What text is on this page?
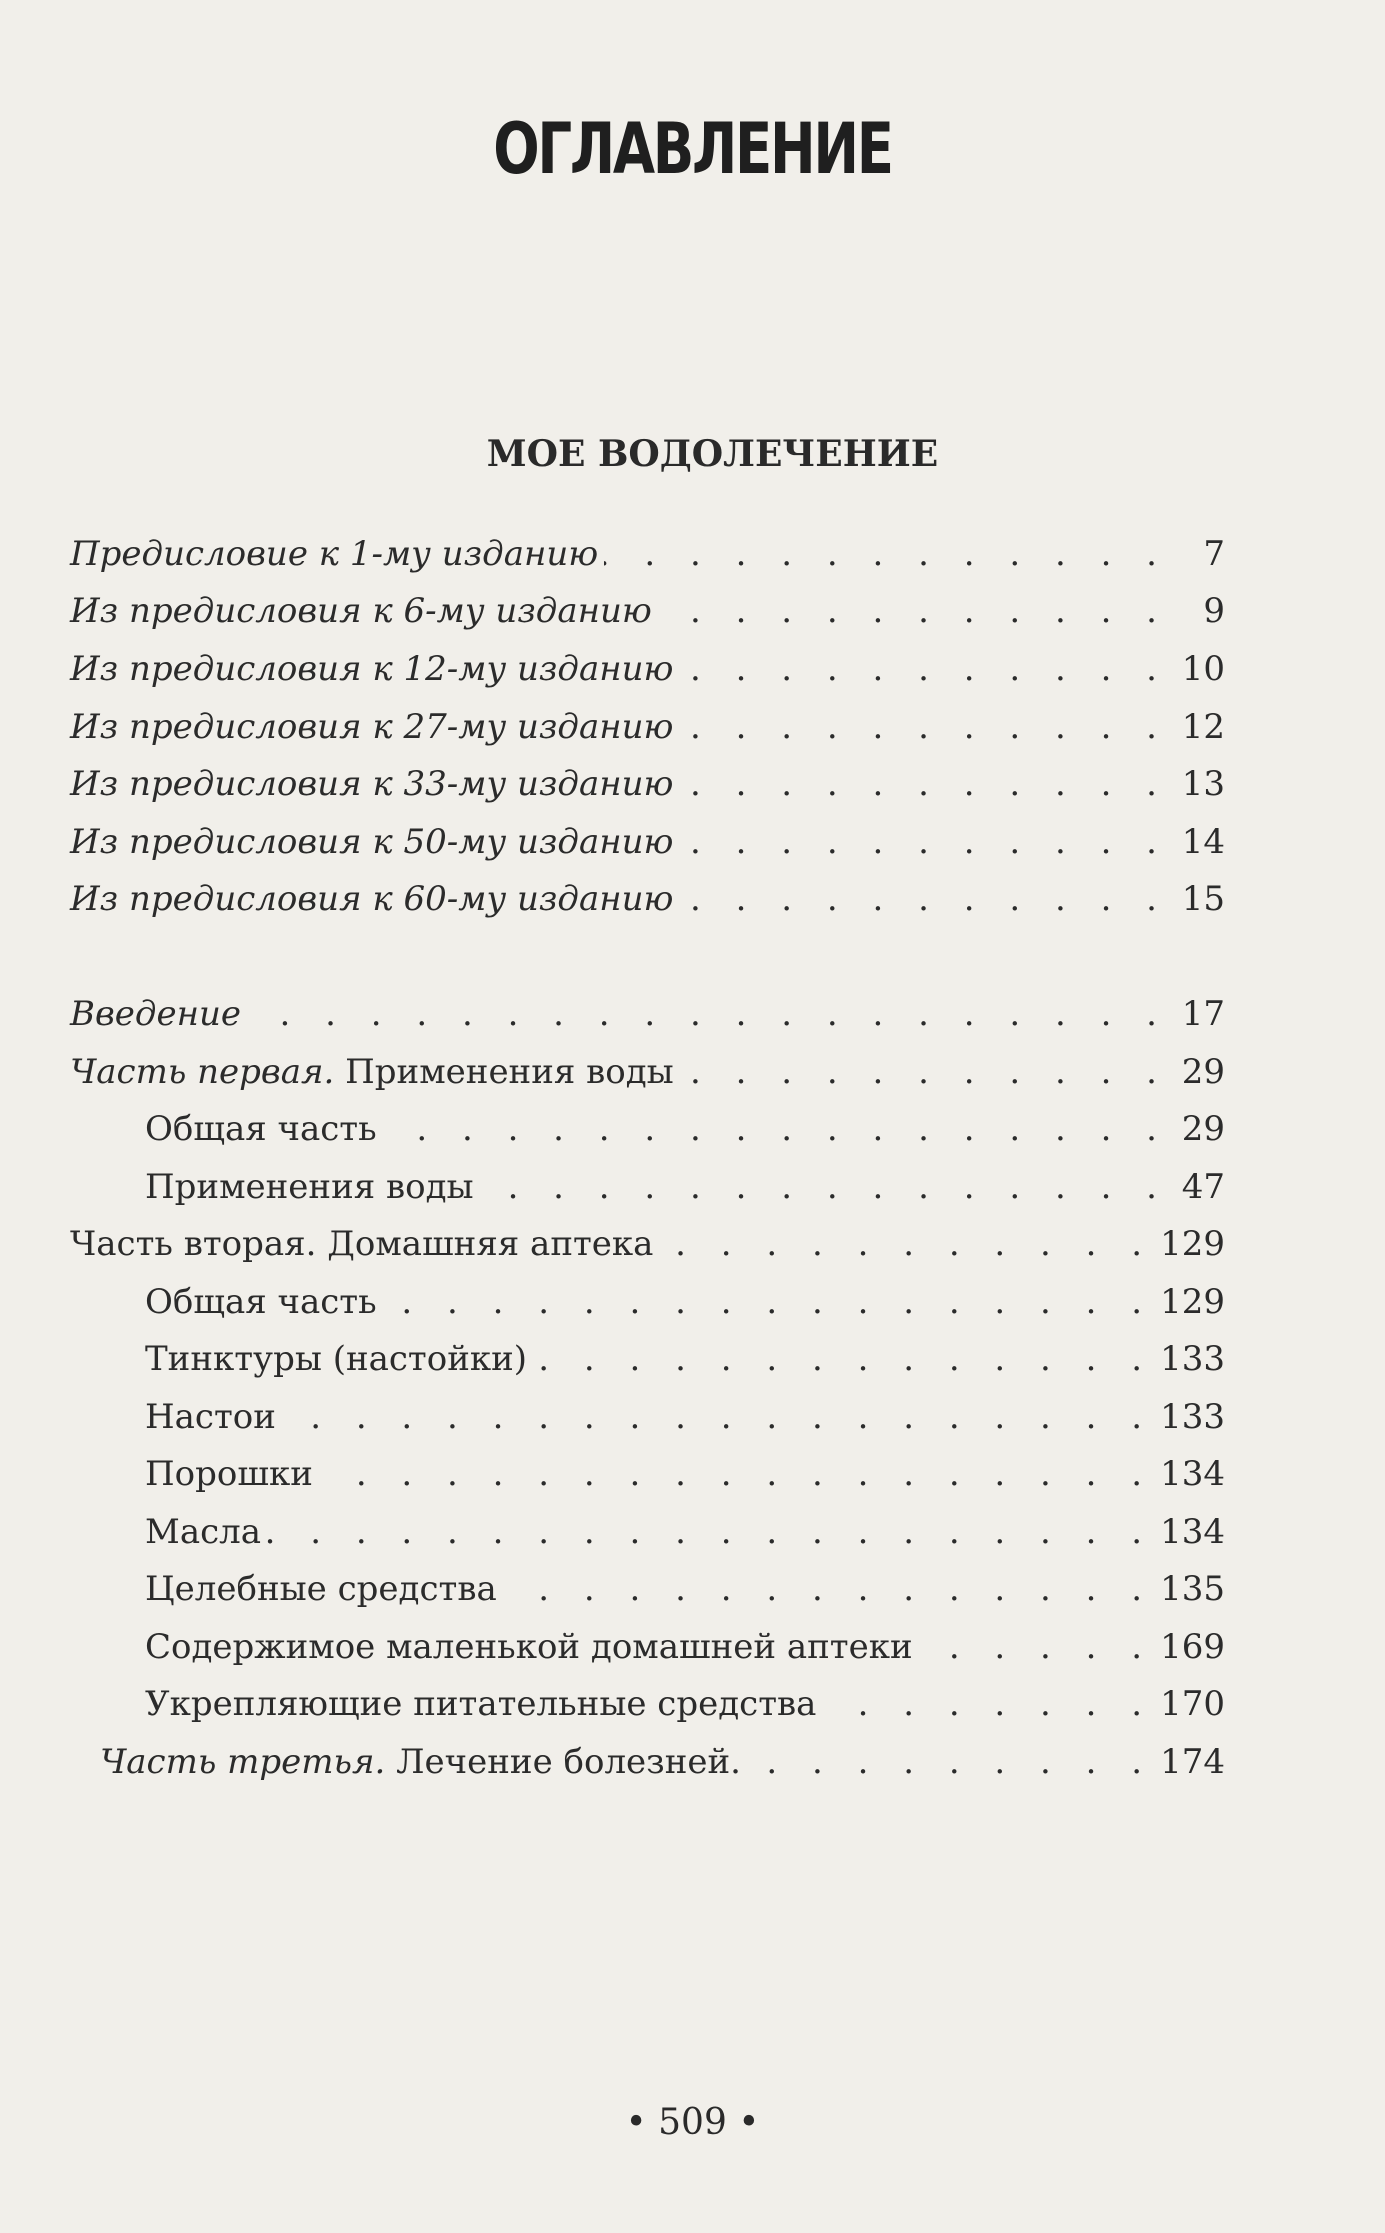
ОГЛАВЛЕНИЕ
МОЕ ВОДОЛЕЧЕНИЕ
Предисловие к 1-му изданию . . .	7
Из предисловия к 6-му изданию . . .	9
Из предисловия к 12-му изданию . . .	10
Из предисловия к 27-му изданию . . .	12
Из предисловия к 33-му изданию . . .	13
Из предисловия к 50-му изданию . . .	14
Из предисловия к 60-му изданию . . .	15
Введение . . .	17
Часть первая. Применения воды . . .	29
Общая часть . . .	29
Применения воды . . .	47
Часть вторая. Домашняя аптека . . .	129
Общая часть . . .	129
Тинктуры (настойки) . . .	133
Настои . . .	133
Порошки . . .	134
Масла . . .	134
Целебные средства . . .	135
Содержимое маленькой домашней аптеки . . .	169
Укрепляющие питательные средства . . .	170
Часть третья. Лечение болезней. . . .	174
• 509 •
